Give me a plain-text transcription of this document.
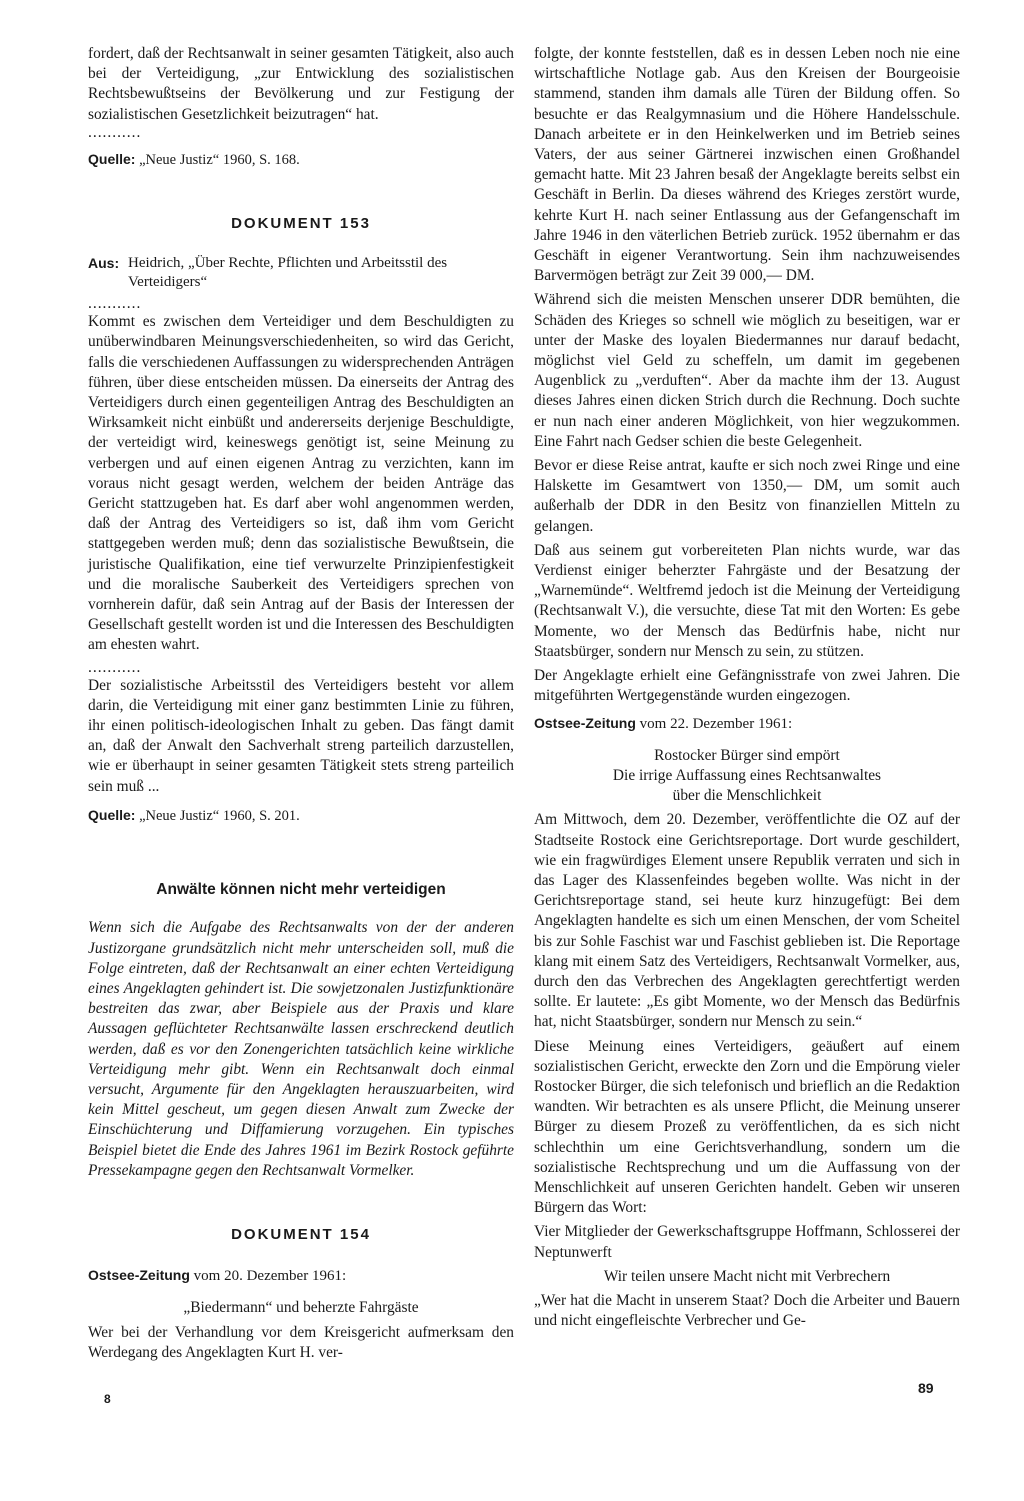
fordert, daß der Rechtsanwalt in seiner gesamten Tätigkeit, also auch bei der Verteidigung, „zur Entwicklung des sozialistischen Rechtsbewußtseins der Bevölkerung und zur Festigung der sozialistischen Gesetzlichkeit beizutragen“ hat.

...........

Quelle: „Neue Justiz“ 1960, S. 168.

DOKUMENT 153
Aus: Heidrich, „Über Rechte, Pflichten und Arbeitsstil des Verteidigers“

...........

Kommt es zwischen dem Verteidiger und dem Beschuldigten zu unüberwindbaren Meinungsverschiedenheiten, so wird das Gericht, falls die verschiedenen Auffassungen zu widersprechenden Anträgen führen, über diese entscheiden müssen. Da einerseits der Antrag des Verteidigers durch einen gegenteiligen Antrag des Beschuldigten an Wirksamkeit nicht einbüßt und andererseits derjenige Beschuldigte, der verteidigt wird, keineswegs genötigt ist, seine Meinung zu verbergen und auf einen eigenen Antrag zu verzichten, kann im voraus nicht gesagt werden, welchem der beiden Anträge das Gericht stattzugeben hat. Es darf aber wohl angenommen werden, daß der Antrag des Verteidigers so ist, daß ihm vom Gericht stattgegeben werden muß; denn das sozialistische Bewußtsein, die juristische Qualifikation, eine tief verwurzelte Prinzipienfestigkeit und die moralische Sauberkeit des Verteidigers sprechen von vornherein dafür, daß sein Antrag auf der Basis der Interessen der Gesellschaft gestellt worden ist und die Interessen des Beschuldigten am ehesten wahrt.

...........

Der sozialistische Arbeitsstil des Verteidigers besteht vor allem darin, die Verteidigung mit einer ganz bestimmten Linie zu führen, ihr einen politisch-ideologischen Inhalt zu geben. Das fängt damit an, daß der Anwalt den Sachverhalt streng parteilich darzustellen, wie er überhaupt in seiner gesamten Tätigkeit stets streng parteilich sein muß ...

Quelle: „Neue Justiz“ 1960, S. 201.

Anwälte können nicht mehr verteidigen

Wenn sich die Aufgabe des Rechtsanwalts von der der anderen Justizorgane grundsätzlich nicht mehr unterscheiden soll, muß die Folge eintreten, daß der Rechtsanwalt an einer echten Verteidigung eines Angeklagten gehindert ist. Die sowjetzonalen Justizfunktionäre bestreiten das zwar, aber Beispiele aus der Praxis und klare Aussagen geflüchteter Rechtsanwälte lassen erschreckend deutlich werden, daß es vor den Zonengerichten tatsächlich keine wirkliche Verteidigung mehr gibt. Wenn ein Rechtsanwalt doch einmal versucht, Argumente für den Angeklagten herauszuarbeiten, wird kein Mittel gescheut, um gegen diesen Anwalt zum Zwecke der Einschüchterung und Diffamierung vorzugehen. Ein typisches Beispiel bietet die Ende des Jahres 1961 im Bezirk Rostock geführte Pressekampagne gegen den Rechtsanwalt Vormelker.

DOKUMENT 154

Ostsee-Zeitung vom 20. Dezember 1961:

„Biedermann“ und beherzte Fahrgäste

Wer bei der Verhandlung vor dem Kreisgericht aufmerksam den Werdegang des Angeklagten Kurt H. ver-

folgte, der konnte feststellen, daß es in dessen Leben noch nie eine wirtschaftliche Notlage gab. Aus den Kreisen der Bourgeoisie stammend, standen ihm damals alle Türen der Bildung offen. So besuchte er das Realgymnasium und die Höhere Handelsschule. Danach arbeitete er in den Heinkelwerken und im Betrieb seines Vaters, der aus seiner Gärtnerei inzwischen einen Großhandel gemacht hatte. Mit 23 Jahren besaß der Angeklagte bereits selbst ein Geschäft in Berlin. Da dieses während des Krieges zerstört wurde, kehrte Kurt H. nach seiner Entlassung aus der Gefangenschaft im Jahre 1946 in den väterlichen Betrieb zurück. 1952 übernahm er das Geschäft in eigener Verantwortung. Sein ihm nachzuweisendes Barvermögen beträgt zur Zeit 39 000,— DM.

Während sich die meisten Menschen unserer DDR bemühten, die Schäden des Krieges so schnell wie möglich zu beseitigen, war er unter der Maske des loyalen Biedermannes nur darauf bedacht, möglichst viel Geld zu scheffeln, um damit im gegebenen Augenblick zu „verduften“. Aber da machte ihm der 13. August dieses Jahres einen dicken Strich durch die Rechnung. Doch suchte er nun nach einer anderen Möglichkeit, von hier wegzukommen. Eine Fahrt nach Gedser schien die beste Gelegenheit.

Bevor er diese Reise antrat, kaufte er sich noch zwei Ringe und eine Halskette im Gesamtwert von 1350,— DM, um somit auch außerhalb der DDR in den Besitz von finanziellen Mitteln zu gelangen.

Daß aus seinem gut vorbereiteten Plan nichts wurde, war das Verdienst einiger beherzter Fahrgäste und der Besatzung der „Warnemünde“. Weltfremd jedoch ist die Meinung der Verteidigung (Rechtsanwalt V.), die versuchte, diese Tat mit den Worten: Es gebe Momente, wo der Mensch das Bedürfnis habe, nicht nur Staatsbürger, sondern nur Mensch zu sein, zu stützen.

Der Angeklagte erhielt eine Gefängnisstrafe von zwei Jahren. Die mitgeführten Wertgegenstände wurden eingezogen.

Ostsee-Zeitung vom 22. Dezember 1961:

Rostocker Bürger sind empört

Die irrige Auffassung eines Rechtsanwaltes

über die Menschlichkeit

Am Mittwoch, dem 20. Dezember, veröffentlichte die OZ auf der Stadtseite Rostock eine Gerichtsreportage. Dort wurde geschildert, wie ein fragwürdiges Element unsere Republik verraten und sich in das Lager des Klassenfeindes begeben wollte. Was nicht in der Gerichtsreportage stand, sei heute kurz hinzugefügt: Bei dem Angeklagten handelte es sich um einen Menschen, der vom Scheitel bis zur Sohle Faschist war und Faschist geblieben ist. Die Reportage klang mit einem Satz des Verteidigers, Rechtsanwalt Vormelker, aus, durch den das Verbrechen des Angeklagten gerechtfertigt werden sollte. Er lautete: „Es gibt Momente, wo der Mensch das Bedürfnis hat, nicht Staatsbürger, sondern nur Mensch zu sein.“

Diese Meinung eines Verteidigers, geäußert auf einem sozialistischen Gericht, erweckte den Zorn und die Empörung vieler Rostocker Bürger, die sich telefonisch und brieflich an die Redaktion wandten. Wir betrachten es als unsere Pflicht, die Meinung unserer Bürger zu diesem Prozeß zu veröffentlichen, da es sich nicht schlechthin um eine Gerichtsverhandlung, sondern um die sozialistische Rechtsprechung und um die Auffassung von der Menschlichkeit auf unseren Gerichten handelt. Geben wir unseren Bürgern das Wort:

Vier Mitglieder der Gewerkschaftsgruppe Hoffmann, Schlosserei der Neptunwerft

Wir teilen unsere Macht nicht mit Verbrechern

„Wer hat die Macht in unserem Staat? Doch die Arbeiter und Bauern und nicht eingefleischte Verbrecher und Ge-

8
89
